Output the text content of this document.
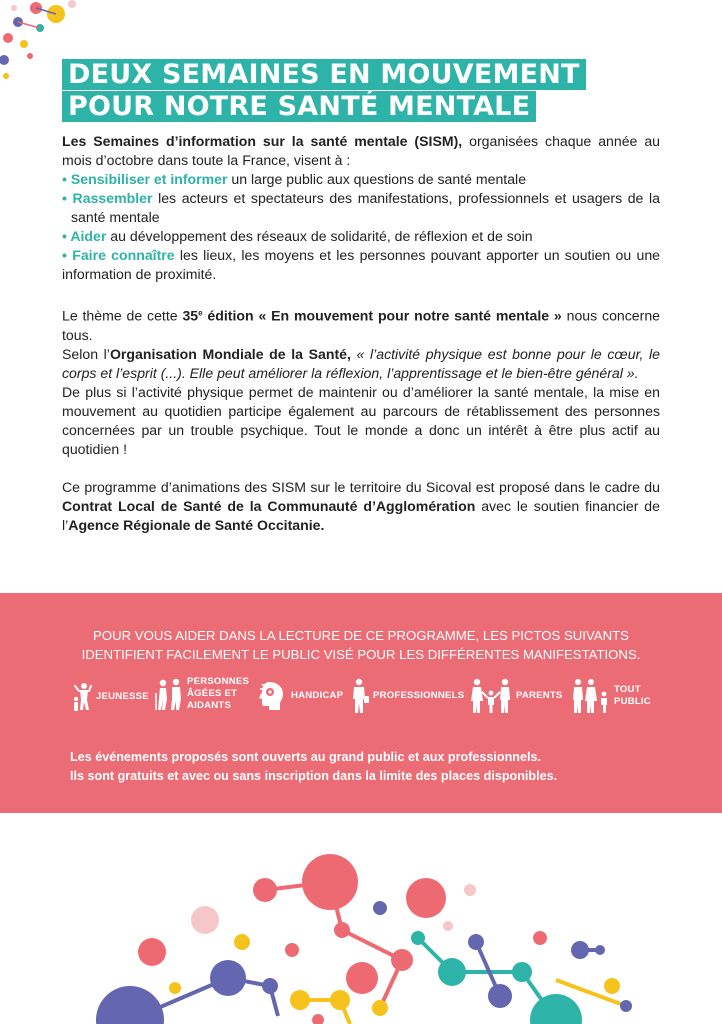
DEUX SEMAINES EN MOUVEMENT
POUR NOTRE SANTÉ MENTALE

Les Semaines d’information sur la santé mentale (SISM), organisées chaque année au mois d’octobre dans toute la France, visent à :

• Sensibiliser et informer un large public aux questions de santé mentale

• Rassembler les acteurs et spectateurs des manifestations, professionnels et usagers de la santé mentale

• Aider au développement des réseaux de solidarité, de réflexion et de soin

• Faire connaître les lieux, les moyens et les personnes pouvant apporter un soutien ou une information de proximité.

Le thème de cette 35e édition « En mouvement pour notre santé mentale » nous concerne tous.

Selon l’Organisation Mondiale de la Santé, « l’activité physique est bonne pour le cœur, le corps et l’esprit (...). Elle peut améliorer la réflexion, l’apprentissage et le bien-être général ».

De plus si l’activité physique permet de maintenir ou d’améliorer la santé mentale, la mise en mouvement au quotidien participe également au parcours de rétablissement des personnes concernées par un trouble psychique. Tout le monde a donc un intérêt à être plus actif au quotidien !

Ce programme d’animations des SISM sur le territoire du Sicoval est proposé dans le cadre du Contrat Local de Santé de la Communauté d’Agglomération avec le soutien financier de l’Agence Régionale de Santé Occitanie.

POUR VOUS AIDER DANS LA LECTURE DE CE PROGRAMME, LES PICTOS SUIVANTS
IDENTIFIENT FACILEMENT LE PUBLIC VISÉ POUR LES DIFFÉRENTES MANIFESTATIONS.
JEUNESSE
PERSONNES
ÂGÉES ET
AIDANTS
HANDICAP	PROFESSIONNELS	PARENTS
TOUT
PUBLIC
Les événements proposés sont ouverts au grand public et aux professionnels.
Ils sont gratuits et avec ou sans inscription dans la limite des places disponibles.
